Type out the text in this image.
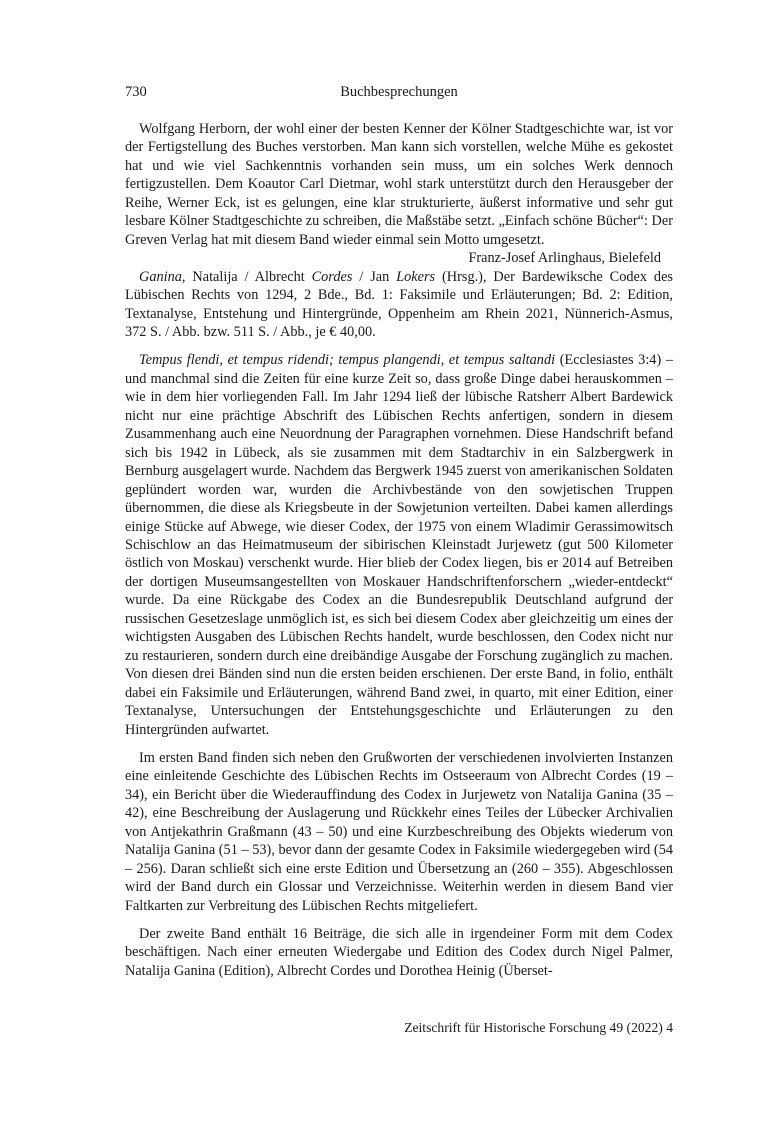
730	Buchbesprechungen

Wolfgang Herborn, der wohl einer der besten Kenner der Kölner Stadtgeschichte war, ist vor der Fertigstellung des Buches verstorben. Man kann sich vorstellen, welche Mühe es gekostet hat und wie viel Sachkenntnis vorhanden sein muss, um ein solches Werk dennoch fertigzustellen. Dem Koautor Carl Dietmar, wohl stark unterstützt durch den Herausgeber der Reihe, Werner Eck, ist es gelungen, eine klar strukturierte, äußerst informative und sehr gut lesbare Kölner Stadtgeschichte zu schreiben, die Maßstäbe setzt. „Einfach schöne Bücher“: Der Greven Verlag hat mit diesem Band wieder einmal sein Motto umgesetzt.

Franz-Josef Arlinghaus, Bielefeld

Ganina, Natalija / Albrecht Cordes / Jan Lokers (Hrsg.), Der Bardewiksche Codex des Lübischen Rechts von 1294, 2 Bde., Bd. 1: Faksimile und Erläuterungen; Bd. 2: Edition, Textanalyse, Entstehung und Hintergründe, Oppenheim am Rhein 2021, Nünnerich-Asmus, 372 S. / Abb. bzw. 511 S. / Abb., je € 40,00.

Tempus flendi, et tempus ridendi; tempus plangendi, et tempus saltandi (Ecclesiastes 3:4) – und manchmal sind die Zeiten für eine kurze Zeit so, dass große Dinge dabei herauskommen – wie in dem hier vorliegenden Fall. Im Jahr 1294 ließ der lübische Ratsherr Albert Bardewick nicht nur eine prächtige Abschrift des Lübischen Rechts anfertigen, sondern in diesem Zusammenhang auch eine Neuordnung der Paragraphen vornehmen. Diese Handschrift befand sich bis 1942 in Lübeck, als sie zusammen mit dem Stadtarchiv in ein Salzbergwerk in Bernburg ausgelagert wurde. Nachdem das Bergwerk 1945 zuerst von amerikanischen Soldaten geplündert worden war, wurden die Archivbestände von den sowjetischen Truppen übernommen, die diese als Kriegsbeute in der Sowjetunion verteilten. Dabei kamen allerdings einige Stücke auf Abwege, wie dieser Codex, der 1975 von einem Wladimir Gerassimowitsch Schischlow an das Heimatmuseum der sibirischen Kleinstadt Jurjewetz (gut 500 Kilometer östlich von Moskau) verschenkt wurde. Hier blieb der Codex liegen, bis er 2014 auf Betreiben der dortigen Museumsangestellten von Moskauer Handschriftenforschern „wieder-entdeckt“ wurde. Da eine Rückgabe des Codex an die Bundesrepublik Deutschland aufgrund der russischen Gesetzeslage unmöglich ist, es sich bei diesem Codex aber gleichzeitig um eines der wichtigsten Ausgaben des Lübischen Rechts handelt, wurde beschlossen, den Codex nicht nur zu restaurieren, sondern durch eine dreibändige Ausgabe der Forschung zugänglich zu machen. Von diesen drei Bänden sind nun die ersten beiden erschienen. Der erste Band, in folio, enthält dabei ein Faksimile und Erläuterungen, während Band zwei, in quarto, mit einer Edition, einer Textanalyse, Untersuchungen der Entstehungsgeschichte und Erläuterungen zu den Hintergründen aufwartet.

Im ersten Band finden sich neben den Grußworten der verschiedenen involvierten Instanzen eine einleitende Geschichte des Lübischen Rechts im Ostseeraum von Albrecht Cordes (19 – 34), ein Bericht über die Wiederauffindung des Codex in Jurjewetz von Natalija Ganina (35 – 42), eine Beschreibung der Auslagerung und Rückkehr eines Teiles der Lübecker Archivalien von Antjekathrin Graßmann (43 – 50) und eine Kurzbeschreibung des Objekts wiederum von Natalija Ganina (51 – 53), bevor dann der gesamte Codex in Faksimile wiedergegeben wird (54 – 256). Daran schließt sich eine erste Edition und Übersetzung an (260 – 355). Abgeschlossen wird der Band durch ein Glossar und Verzeichnisse. Weiterhin werden in diesem Band vier Faltkarten zur Verbreitung des Lübischen Rechts mitgeliefert.

Der zweite Band enthält 16 Beiträge, die sich alle in irgendeiner Form mit dem Codex beschäftigen. Nach einer erneuten Wiedergabe und Edition des Codex durch Nigel Palmer, Natalija Ganina (Edition), Albrecht Cordes und Dorothea Heinig (Überset-

Zeitschrift für Historische Forschung 49 (2022) 4
